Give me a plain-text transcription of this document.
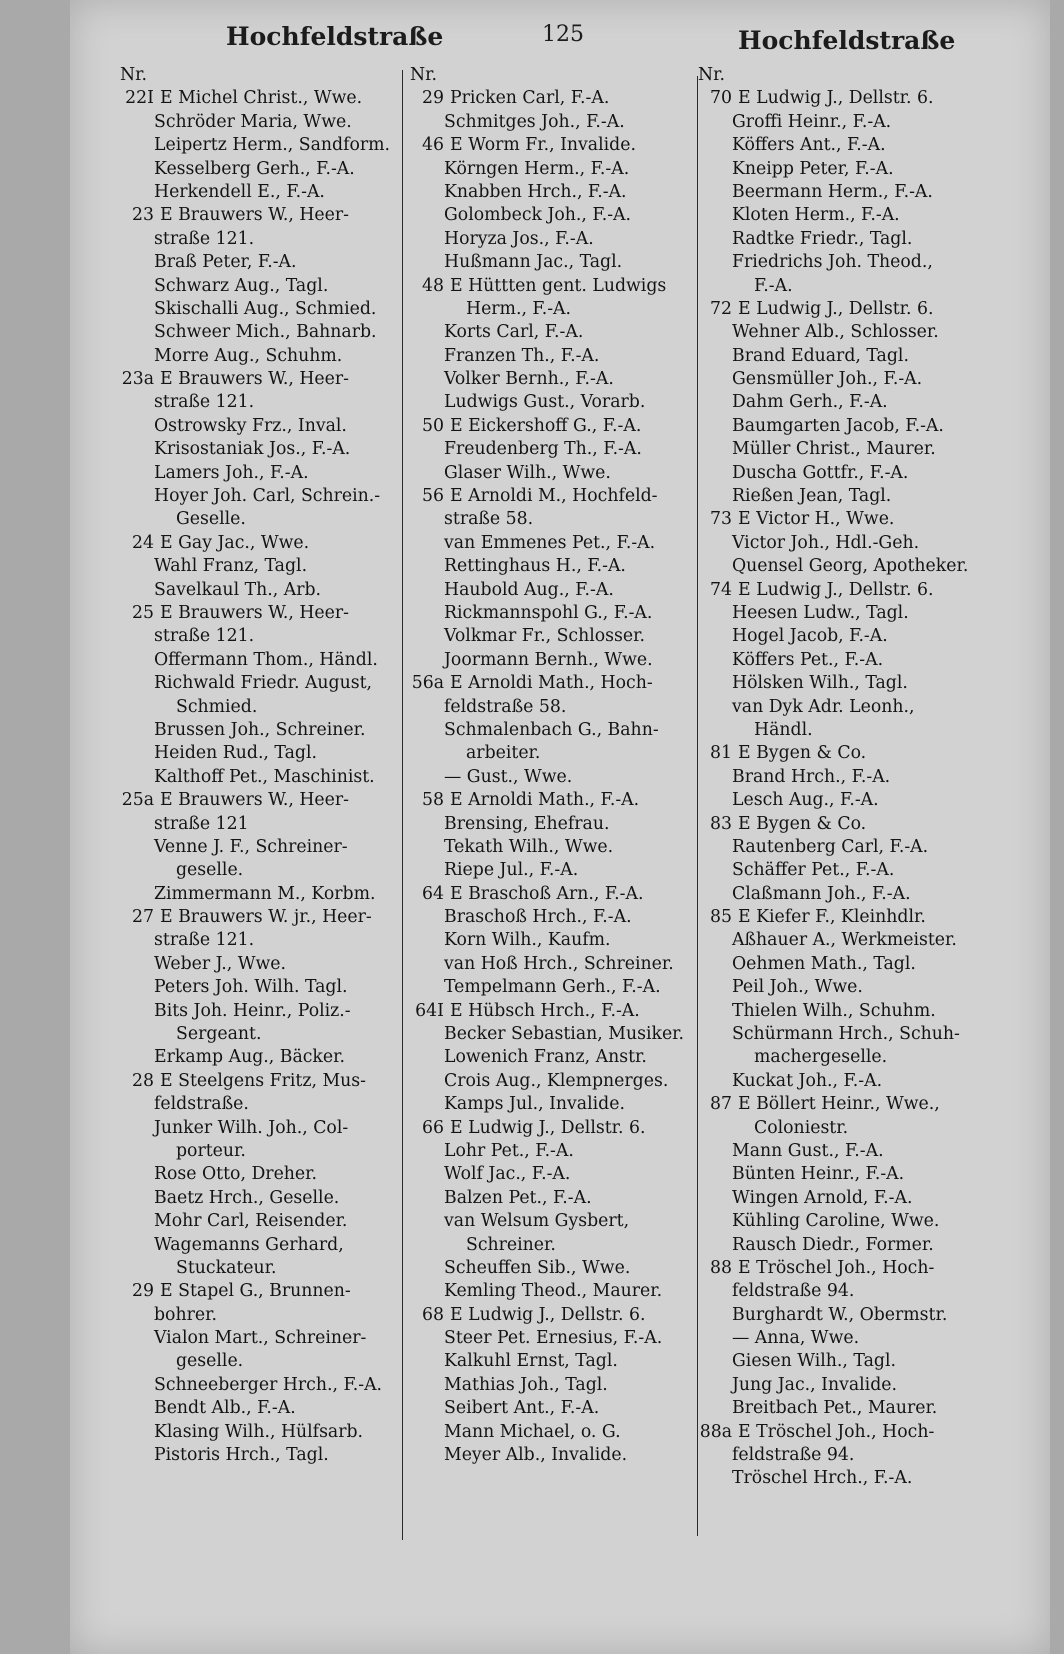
Hochfeldstraße	125	Hochfeldstraße
Nr.
22I E Michel Christ., Wwe.
Schröder Maria, Wwe.
Leipertz Herm., Sandform.
Kesselberg Gerh., F.-A.
Herkendell E., F.-A.
23 E Brauwers W., Heer-
straße 121.
Braß Peter, F.-A.
Schwarz Aug., Tagl.
Skischalli Aug., Schmied.
Schweer Mich., Bahnarb.
Morre Aug., Schuhm.
23a E Brauwers W., Heer-
straße 121.
Ostrowsky Frz., Inval.
Krisostaniak Jos., F.-A.
Lamers Joh., F.-A.
Hoyer Joh. Carl, Schrein.-
Geselle.
24 E Gay Jac., Wwe.
Wahl Franz, Tagl.
Savelkaul Th., Arb.
25 E Brauwers W., Heer-
straße 121.
Offermann Thom., Händl.
Richwald Friedr. August,
Schmied.
Brussen Joh., Schreiner.
Heiden Rud., Tagl.
Kalthoff Pet., Maschinist.
25a E Brauwers W., Heer-
straße 121
Venne J. F., Schreiner-
geselle.
Zimmermann M., Korbm.
27 E Brauwers W. jr., Heer-
straße 121.
Weber J., Wwe.
Peters Joh. Wilh. Tagl.
Bits Joh. Heinr., Poliz.-
Sergeant.
Erkamp Aug., Bäcker.
28 E Steelgens Fritz, Mus-
feldstraße.
Junker Wilh. Joh., Col-
porteur.
Rose Otto, Dreher.
Baetz Hrch., Geselle.
Mohr Carl, Reisender.
Wagemanns Gerhard,
Stuckateur.
29 E Stapel G., Brunnen-
bohrer.
Vialon Mart., Schreiner-
geselle.
Schneeberger Hrch., F.-A.
Bendt Alb., F.-A.
Klasing Wilh., Hülfsarb.
Pistoris Hrch., Tagl.
Nr.
29 Pricken Carl, F.-A.
Schmitges Joh., F.-A.
46 E Worm Fr., Invalide.
Körngen Herm., F.-A.
Knabben Hrch., F.-A.
Golombeck Joh., F.-A.
Horyza Jos., F.-A.
Hußmann Jac., Tagl.
48 E Hüttten gent. Ludwigs
Herm., F.-A.
Korts Carl, F.-A.
Franzen Th., F.-A.
Volker Bernh., F.-A.
Ludwigs Gust., Vorarb.
50 E Eickershoff G., F.-A.
Freudenberg Th., F.-A.
Glaser Wilh., Wwe.
56 E Arnoldi M., Hochfeld-
straße 58.
van Emmenes Pet., F.-A.
Rettinghaus H., F.-A.
Haubold Aug., F.-A.
Rickmannspohl G., F.-A.
Volkmar Fr., Schlosser.
Joormann Bernh., Wwe.
56a E Arnoldi Math., Hoch-
feldstraße 58.
Schmalenbach G., Bahn-
arbeiter.
— Gust., Wwe.
58 E Arnoldi Math., F.-A.
Brensing, Ehefrau.
Tekath Wilh., Wwe.
Riepe Jul., F.-A.
64 E Braschoß Arn., F.-A.
Braschoß Hrch., F.-A.
Korn Wilh., Kaufm.
van Hoß Hrch., Schreiner.
Tempelmann Gerh., F.-A.
64I E Hübsch Hrch., F.-A.
Becker Sebastian, Musiker.
Lowenich Franz, Anstr.
Crois Aug., Klempnerges.
Kamps Jul., Invalide.
66 E Ludwig J., Dellstr. 6.
Lohr Pet., F.-A.
Wolf Jac., F.-A.
Balzen Pet., F.-A.
van Welsum Gysbert,
Schreiner.
Scheuffen Sib., Wwe.
Kemling Theod., Maurer.
68 E Ludwig J., Dellstr. 6.
Steer Pet. Ernesius, F.-A.
Kalkuhl Ernst, Tagl.
Mathias Joh., Tagl.
Seibert Ant., F.-A.
Mann Michael, o. G.
Meyer Alb., Invalide.
Nr.
70 E Ludwig J., Dellstr. 6.
Groffi Heinr., F.-A.
Köffers Ant., F.-A.
Kneipp Peter, F.-A.
Beermann Herm., F.-A.
Kloten Herm., F.-A.
Radtke Friedr., Tagl.
Friedrichs Joh. Theod.,
F.-A.
72 E Ludwig J., Dellstr. 6.
Wehner Alb., Schlosser.
Brand Eduard, Tagl.
Gensmüller Joh., F.-A.
Dahm Gerh., F.-A.
Baumgarten Jacob, F.-A.
Müller Christ., Maurer.
Duscha Gottfr., F.-A.
Rießen Jean, Tagl.
73 E Victor H., Wwe.
Victor Joh., Hdl.-Geh.
Quensel Georg, Apotheker.
74 E Ludwig J., Dellstr. 6.
Heesen Ludw., Tagl.
Hogel Jacob, F.-A.
Köffers Pet., F.-A.
Hölsken Wilh., Tagl.
van Dyk Adr. Leonh.,
Händl.
81 E Bygen & Co.
Brand Hrch., F.-A.
Lesch Aug., F.-A.
83 E Bygen & Co.
Rautenberg Carl, F.-A.
Schäffer Pet., F.-A.
Claßmann Joh., F.-A.
85 E Kiefer F., Kleinhdlr.
Aßhauer A., Werkmeister.
Oehmen Math., Tagl.
Peil Joh., Wwe.
Thielen Wilh., Schuhm.
Schürmann Hrch., Schuh-
machergeselle.
Kuckat Joh., F.-A.
87 E Böllert Heinr., Wwe.,
Coloniestr.
Mann Gust., F.-A.
Bünten Heinr., F.-A.
Wingen Arnold, F.-A.
Kühling Caroline, Wwe.
Rausch Diedr., Former.
88 E Tröschel Joh., Hoch-
feldstraße 94.
Burghardt W., Obermstr.
— Anna, Wwe.
Giesen Wilh., Tagl.
Jung Jac., Invalide.
Breitbach Pet., Maurer.
88a E Tröschel Joh., Hoch-
feldstraße 94.
Tröschel Hrch., F.-A.
